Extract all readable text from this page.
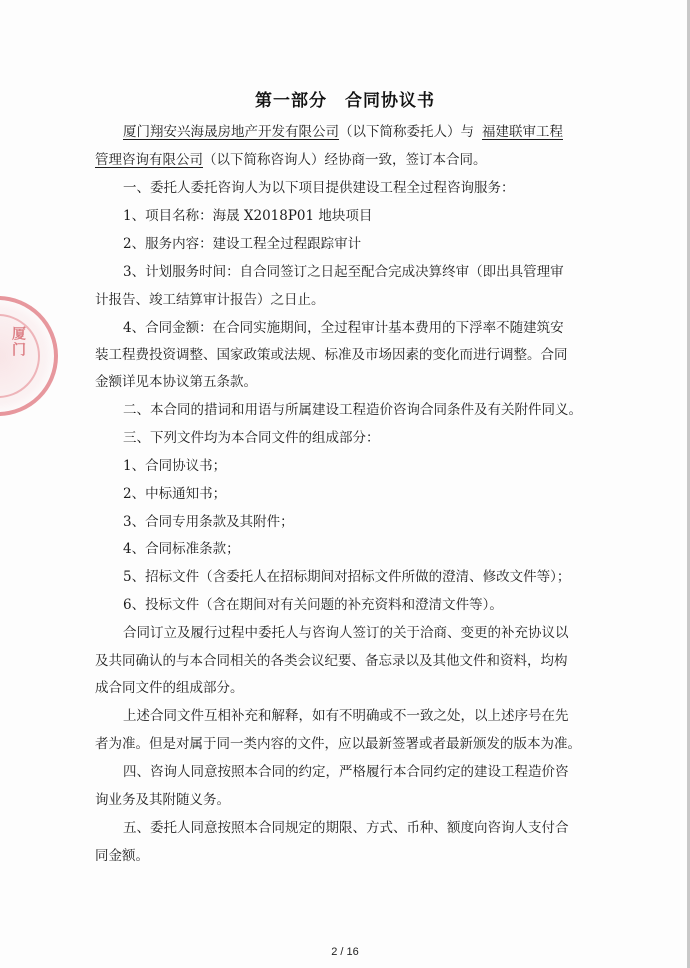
厦门
第一部分 合同协议书
厦门翔安兴海晟房地产开发有限公司（以下简称委托人）与 福建联审工程
管理咨询有限公司（以下简称咨询人）经协商一致，签订本合同。
一、委托人委托咨询人为以下项目提供建设工程全过程咨询服务：
1、项目名称：海晟 X2018P01 地块项目
2、服务内容：建设工程全过程跟踪审计
3、计划服务时间：自合同签订之日起至配合完成决算终审（即出具管理审
计报告、竣工结算审计报告）之日止。
4、合同金额：在合同实施期间，全过程审计基本费用的下浮率不随建筑安
装工程费投资调整、国家政策或法规、标准及市场因素的变化而进行调整。合同
金额详见本协议第五条款。
二、本合同的措词和用语与所属建设工程造价咨询合同条件及有关附件同义。
三、下列文件均为本合同文件的组成部分：
1、合同协议书；
2、中标通知书；
3、合同专用条款及其附件；
4、合同标准条款；
5、招标文件（含委托人在招标期间对招标文件所做的澄清、修改文件等）；
6、投标文件（含在期间对有关问题的补充资料和澄清文件等）。
合同订立及履行过程中委托人与咨询人签订的关于洽商、变更的补充协议以
及共同确认的与本合同相关的各类会议纪要、备忘录以及其他文件和资料，均构
成合同文件的组成部分。
上述合同文件互相补充和解释，如有不明确或不一致之处，以上述序号在先
者为准。但是对属于同一类内容的文件，应以最新签署或者最新颁发的版本为准。
四、咨询人同意按照本合同的约定，严格履行本合同约定的建设工程造价咨
询业务及其附随义务。
五、委托人同意按照本合同规定的期限、方式、币种、额度向咨询人支付合
同金额。
2 / 16
